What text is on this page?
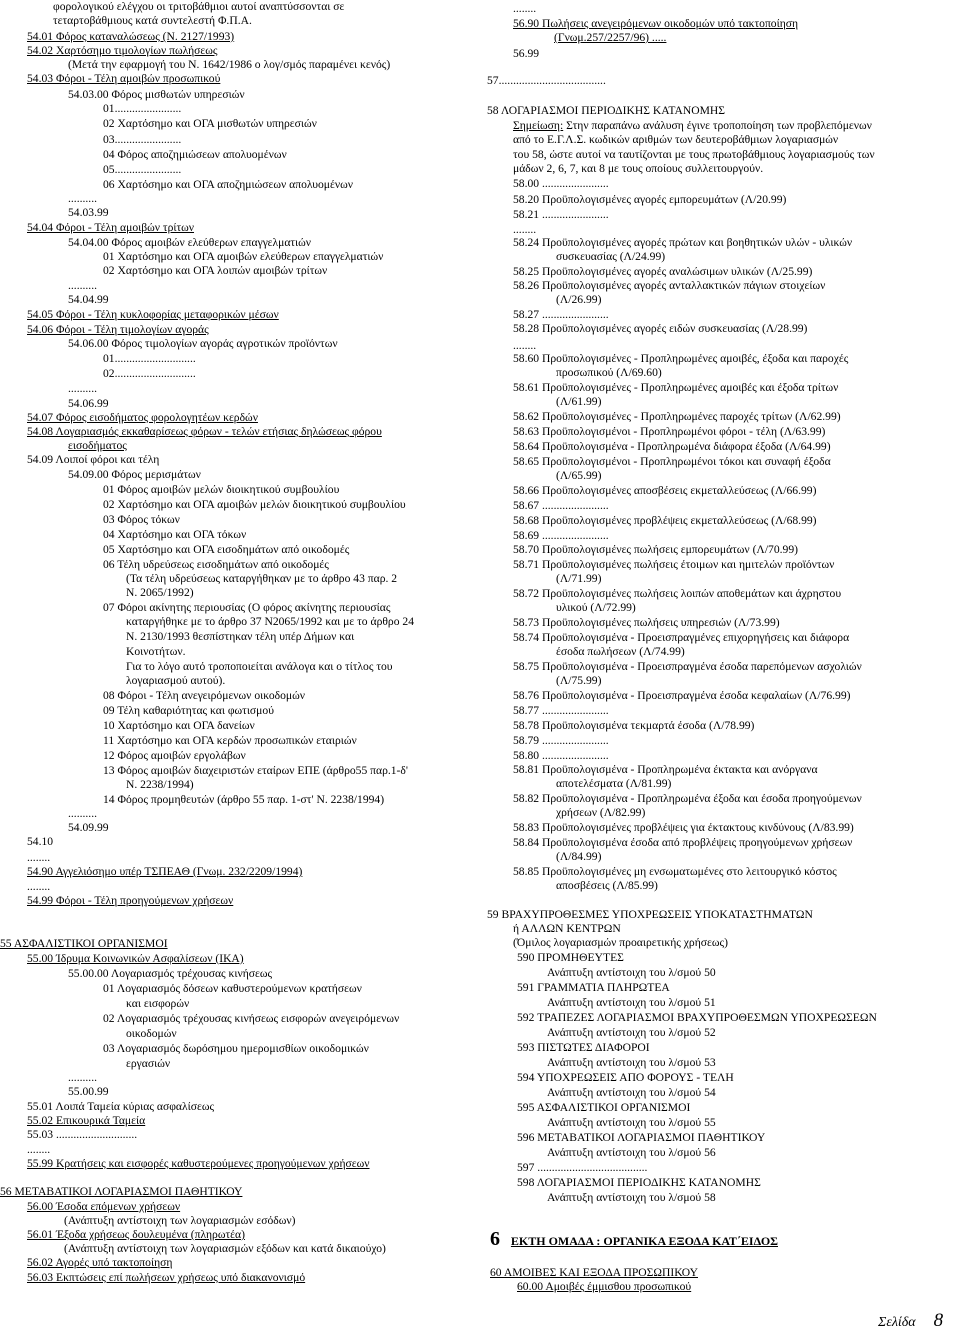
φορολογικού ελέγχου οι τριτοβάθμιοι αυτοί αναπτύσσονται σε
τεταρτοβάθμιους κατά συντελεστή Φ.Π.Α.
54.01 Φόρος καταναλώσεως (Ν. 2127/1993)
54.02 Χαρτόσημο τιμολογίων πωλήσεως
(Μετά την εφαρμογή του Ν. 1642/1986 ο λογ/σμός παραμένει κενός)
54.03 Φόροι - Τέλη αμοιβών προσωπικού
54.03.00 Φόρος μισθωτών υπηρεσιών
01.......................
02 Χαρτόσημο και ΟΓΑ μισθωτών υπηρεσιών
03.......................
04 Φόρος αποζημιώσεων απολυομένων
05.......................
06 Χαρτόσημο και ΟΓΑ αποζημιώσεων απολυομένων
..........
54.03.99
54.04 Φόροι - Τέλη αμοιβών τρίτων
54.04.00 Φόρος αμοιβών ελεύθερων επαγγελματιών
01 Χαρτόσημο και ΟΓΑ αμοιβών ελεύθερων επαγγελματιών
02 Χαρτόσημο και ΟΓΑ λοιπών αμοιβών τρίτων
..........
54.04.99
54.05 Φόροι - Τέλη κυκλοφορίας μεταφορικών μέσων
54.06 Φόροι - Τέλη τιμολογίων αγοράς
54.06.00 Φόρος τιμολογίων αγοράς αγροτικών προϊόντων
01............................
02............................
..........
54.06.99
54.07 Φόρος εισοδήματος φορολογητέων κερδών
54.08 Λογαριασμός εκκαθαρίσεως φόρων - τελών ετήσιας δηλώσεως φόρου
εισοδήματος
54.09 Λοιποί φόροι και τέλη
54.09.00 Φόρος μερισμάτων
01 Φόρος αμοιβών μελών διοικητικού συμβουλίου
02 Χαρτόσημο και ΟΓΑ αμοιβών μελών διοικητικού συμβουλίου
03 Φόρος τόκων
04 Χαρτόσημο και ΟΓΑ τόκων
05 Χαρτόσημο και ΟΓΑ εισοδημάτων από οικοδομές
06 Τέλη υδρεύσεως εισοδημάτων από οικοδομές
(Τα τέλη υδρεύσεως καταργήθηκαν με το άρθρο 43 παρ. 2
Ν. 2065/1992)
07 Φόροι ακίνητης περιουσίας (Ο φόρος ακίνητης περιουσίας
καταργήθηκε με το άρθρο 37 Ν2065/1992 και με το άρθρο 24
Ν. 2130/1993 θεσπίστηκαν τέλη υπέρ Δήμων και
Κοινοτήτων.
Για το λόγο αυτό τροποποιείται ανάλογα και ο τίτλος του
λογαριασμού αυτού).
08 Φόροι - Τέλη ανεγειρόμενων οικοδομών
09 Τέλη καθαριότητας και φωτισμού
10 Χαρτόσημο και ΟΓΑ δανείων
11 Χαρτόσημο και ΟΓΑ κερδών προσωπικών εταιριών
12 Φόρος αμοιβών εργολάβων
13 Φόρος αμοιβών διαχειριστών εταίρων ΕΠΕ (άρθρο55 παρ.1-δ'
Ν. 2238/1994)
14 Φόρος προμηθευτών (άρθρο 55 παρ. 1-στ' Ν. 2238/1994)
..........
54.09.99
54.10
........
54.90 Αγγελιόσημο υπέρ ΤΣΠΕΑΘ (Γνωμ. 232/2209/1994)
........
54.99 Φόροι - Τέλη προηγούμενων χρήσεων
55 ΑΣΦΑΛΙΣΤΙΚΟΙ ΟΡΓΑΝΙΣΜΟΙ
55.00 Ίδρυμα Κοινωνικών Ασφαλίσεων (ΙΚΑ)
55.00.00 Λογαριασμός τρέχουσας κινήσεως
01 Λογαριασμός δόσεων καθυστερούμενων κρατήσεων
και εισφορών
02 Λογαριασμός τρέχουσας κινήσεως εισφορών ανεγειρόμενων
οικοδομών
03 Λογαριασμός δωρόσημου ημερομισθίων οικοδομικών
εργασιών
..........
55.00.99
55.01 Λοιπά Ταμεία κύριας ασφαλίσεως
55.02 Επικουρικά Ταμεία
55.03 ............................
........
55.99 Κρατήσεις και εισφορές καθυστερούμενες προηγούμενων χρήσεων
56 ΜΕΤΑΒΑΤΙΚΟΙ ΛΟΓΑΡΙΑΣΜΟΙ ΠΑΘΗΤΙΚΟΥ
56.00 Έσοδα επόμενων χρήσεων
(Ανάπτυξη αντίστοιχη των λογαριασμών εσόδων)
56.01 Έξοδα χρήσεως δουλευμένα (πληρωτέα)
(Ανάπτυξη αντίστοιχη των λογαριασμών εξόδων και κατά δικαιούχο)
56.02 Αγορές υπό τακτοποίηση
56.03 Εκπτώσεις επί πωλήσεων χρήσεως υπό διακανονισμό
6 ΕΚΤΗ ΟΜΑΔΑ : ΟΡΓΑΝΙΚΑ ΕΞΟΔΑ ΚΑΤ΄ΕΙΔΟΣ
60 ΑΜΟΙΒΕΣ ΚΑΙ ΕΞΟΔΑ ΠΡΟΣΩΠΙΚΟΥ
60.00 Αμοιβές έμμισθου προσωπικού
........
56.90 Πωλήσεις ανεγειρόμενων οικοδομών υπό τακτοποίηση
(Γνωμ.257/2257/96) .....
56.99
57.....................................
58 ΛΟΓΑΡΙΑΣΜΟΙ ΠΕΡΙΟΔΙΚΗΣ ΚΑΤΑΝΟΜΗΣ
Σημείωση: Στην παραπάνω ανάλυση έγινε τροποποίηση των προβλεπόμενων
από το Ε.Γ.Λ.Σ. κωδικών αριθμών των δευτεροβάθμιων λογαριασμών
του 58, ώστε αυτοί να ταυτίζονται με τους πρωτοβάθμιους λογαριασμούς των
μάδων 2, 6, 7, και 8 με τους οποίους συλλειτουργούν.
58.00 .......................
58.20 Προϋπολογισμένες αγορές εμπορευμάτων (Λ/20.99)
58.21 .......................
........
58.24 Προϋπολογισμένες αγορές πρώτων και βοηθητικών υλών - υλικών
συσκευασίας (Λ/24.99)
58.25 Προϋπολογισμένες αγορές αναλώσιμων υλικών (Λ/25.99)
58.26 Προϋπολογισμένες αγορές ανταλλακτικών πάγιων στοιχείων
(Λ/26.99)
58.27 .......................
58.28 Προϋπολογισμένες αγορές ειδών συσκευασίας (Λ/28.99)
........
58.60 Προϋπολογισμένες - Προπληρωμένες αμοιβές, έξοδα και παροχές
προσωπικού (Λ/69.60)
58.61 Προϋπολογισμένες - Προπληρωμένες αμοιβές και έξοδα τρίτων
(Λ/61.99)
58.62 Προϋπολογισμένες - Προπληρωμένες παροχές τρίτων (Λ/62.99)
58.63 Προϋπολογισμένοι - Προπληρωμένοι φόροι - τέλη (Λ/63.99)
58.64 Προϋπολογισμένα - Προπληρωμένα διάφορα έξοδα (Λ/64.99)
58.65 Προϋπολογισμένοι - Προπληρωμένοι τόκοι και συναφή έξοδα
(Λ/65.99)
58.66 Προϋπολογισμένες αποσβέσεις εκμεταλλεύσεως (Λ/66.99)
58.67 .......................
58.68 Προϋπολογισμένες προβλέψεις εκμεταλλεύσεως (Λ/68.99)
58.69 .......................
58.70 Προϋπολογισμένες πωλήσεις εμπορευμάτων (Λ/70.99)
58.71 Προϋπολογισμένες πωλήσεις έτοιμων και ημιτελών προϊόντων
(Λ/71.99)
58.72 Προϋπολογισμένες πωλήσεις λοιπών αποθεμάτων και άχρηστου
υλικού (Λ/72.99)
58.73 Προϋπολογισμένες πωλήσεις υπηρεσιών (Λ/73.99)
58.74 Προϋπολογισμένα - Προεισπραγμένες επιχορηγήσεις και διάφορα
έσοδα πωλήσεων (Λ/74.99)
58.75 Προϋπολογισμένα - Προεισπραγμένα έσοδα παρεπόμενων ασχολιών
(Λ/75.99)
58.76 Προϋπολογισμένα - Προεισπραγμένα έσοδα κεφαλαίων (Λ/76.99)
58.77 .......................
58.78 Προϋπολογισμένα τεκμαρτά έσοδα (Λ/78.99)
58.79 .......................
58.80 .......................
58.81 Προϋπολογισμένα - Προπληρωμένα έκτακτα και ανόργανα
αποτελέσματα (Λ/81.99)
58.82 Προϋπολογισμένα - Προπληρωμένα έξοδα και έσοδα προηγούμενων
χρήσεων (Λ/82.99)
58.83 Προϋπολογισμένες προβλέψεις για έκτακτους κινδύνους (Λ/83.99)
58.84 Προϋπολογισμένα έσοδα από προβλέψεις προηγούμενων χρήσεων
(Λ/84.99)
58.85 Προϋπολογισμένες μη ενσωματωμένες στο λειτουργικό κόστος
αποσβέσεις (Λ/85.99)
59 ΒΡΑΧΥΠΡΟΘΕΣΜΕΣ ΥΠΟΧΡΕΩΣΕΙΣ ΥΠΟΚΑΤΑΣΤΗΜΑΤΩΝ
ή ΑΛΛΩΝ ΚΕΝΤΡΩΝ
(Όμιλος λογαριασμών προαιρετικής χρήσεως)
590 ΠΡΟΜΗΘΕΥΤΕΣ
Ανάπτυξη αντίστοιχη του λ/σμού 50
591 ΓΡΑΜΜΑΤΙΑ ΠΛΗΡΩΤΕΑ
Ανάπτυξη αντίστοιχη του λ/σμού 51
592 ΤΡΑΠΕΖΕΣ ΛΟΓΑΡΙΑΣΜΟΙ ΒΡΑΧΥΠΡΟΘΕΣΜΩΝ ΥΠΟΧΡΕΩΣΕΩΝ
Ανάπτυξη αντίστοιχη του λ/σμού 52
593 ΠΙΣΤΩΤΕΣ ΔΙΑΦΟΡΟΙ
Ανάπτυξη αντίστοιχη του λ/σμού 53
594 ΥΠΟΧΡΕΩΣΕΙΣ ΑΠΟ ΦΟΡΟΥΣ - ΤΕΛΗ
Ανάπτυξη αντίστοιχη του λ/σμού 54
595 ΑΣΦΑΛΙΣΤΙΚΟΙ ΟΡΓΑΝΙΣΜΟΙ
Ανάπτυξη αντίστοιχη του λ/σμού 55
596 ΜΕΤΑΒΑΤΙΚΟΙ ΛΟΓΑΡΙΑΣΜΟΙ ΠΑΘΗΤΙΚΟΥ
Ανάπτυξη αντίστοιχη του λ/σμού 56
597 ......................................
598 ΛΟΓΑΡΙΑΣΜΟΙ ΠΕΡΙΟΔΙΚΗΣ ΚΑΤΑΝΟΜΗΣ
Ανάπτυξη αντίστοιχη του λ/σμού 58
Σελίδα 8
